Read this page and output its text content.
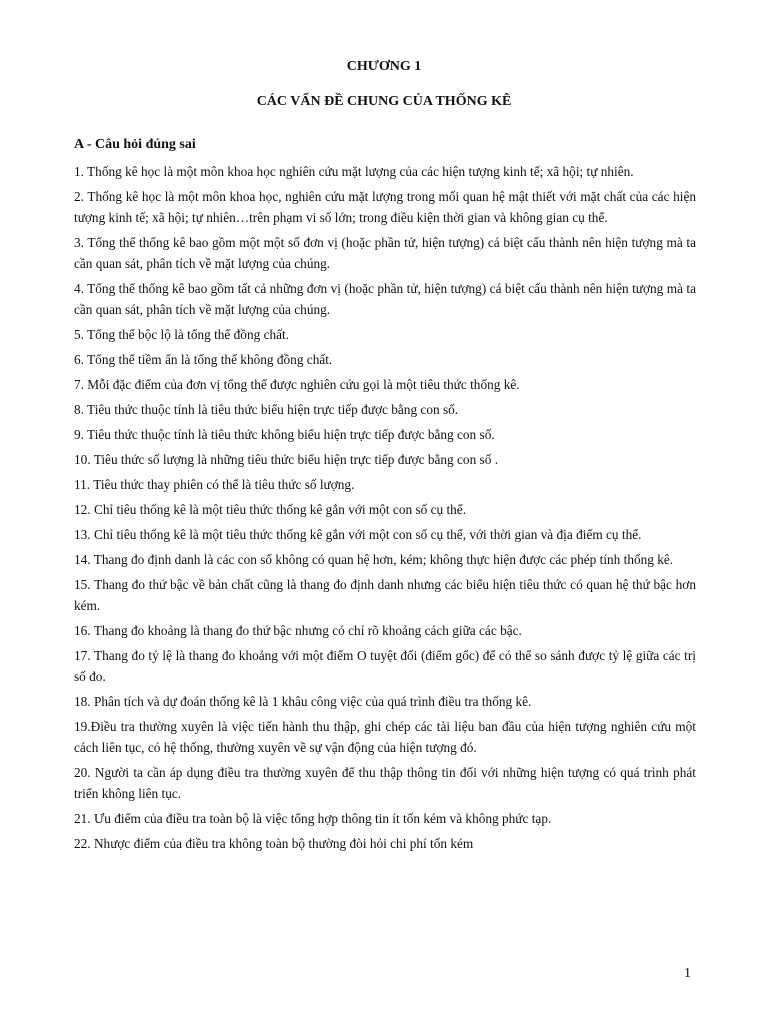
CHƯƠNG 1
CÁC VẤN ĐỀ CHUNG CỦA THỐNG KÊ
A - Câu hỏi đúng sai

1. Thống kê học là một môn khoa học nghiên cứu mặt lượng của các hiện tượng kinh tế; xã hội; tự nhiên.

2. Thống kê học là một môn khoa học, nghiên cứu mặt lượng trong mối quan hệ mật thiết với mặt chất của các hiện tượng kinh tế; xã hội; tự nhiên…trên phạm vi số lớn; trong điều kiện thời gian và không gian cụ thể.

3. Tổng thể thống kê bao gồm một một số đơn vị (hoặc phần tử, hiện tượng) cá biệt cấu thành nên hiện tượng mà ta cần quan sát, phân tích về mặt lượng của chúng.

4. Tổng thể thống kê bao gồm tất cả những đơn vị (hoặc phần tử, hiện tượng) cá biệt cấu thành nên hiện tượng mà ta cần quan sát, phân tích về mặt lượng của chúng.

5. Tổng thể bộc lộ là tổng thể đồng chất.

6. Tổng thể tiềm ẩn là tổng thể không đồng chất.

7. Mỗi đặc điểm của đơn vị tổng thể được nghiên cứu gọi là một tiêu thức thống kê.

8. Tiêu thức thuộc tính là tiêu thức biểu hiện trực tiếp được bằng con số.

9. Tiêu thức thuộc tính là tiêu thức không biểu hiện trực tiếp được bằng con số.

10. Tiêu thức số lượng là những tiêu thức biểu hiện trực tiếp được bằng con số .

11. Tiêu thức thay phiên có thể là tiêu thức số lượng.

12. Chỉ tiêu thống kê là một tiêu thức thống kê gắn với một con số cụ thể.

13. Chỉ tiêu thống kê là một tiêu thức thống kê gắn với một con số cụ thể, với thời gian và địa điểm cụ thể.

14. Thang đo định danh là các con số không có quan hệ hơn, kém; không thực hiện được các phép tính thống kê.

15. Thang đo thứ bậc về bản chất cũng là thang đo định danh nhưng các biểu hiện tiêu thức có quan hệ thứ bậc hơn kém.

16. Thang đo khoảng là thang đo thứ bậc nhưng có chỉ rõ khoảng cách giữa các bậc.

17. Thang đo tỷ lệ là thang đo khoảng với một điểm O tuyệt đối (điểm gốc) để có thể so sánh được tỷ lệ giữa các trị số đo.

18. Phân tích và dự đoán thống kê là 1 khâu công việc của quá trình điều tra thống kê.

19.Điều tra thường xuyên là việc tiến hành thu thập, ghi chép các tài liệu ban đầu của hiện tượng nghiên cứu một cách liên tục, có hệ thống, thường xuyên về sự vận động của hiện tượng đó.

20. Người ta cần áp dụng điều tra thường xuyên để thu thập thông tin đối với những hiện tượng có quá trình phát triển không liên tục.

21. Ưu điểm của điều tra toàn bộ là việc tổng hợp thông tin ít tốn kém và không phức tạp.

22. Nhược điểm của điều tra không toàn bộ thường đòi hỏi chi phí tốn kém

1
